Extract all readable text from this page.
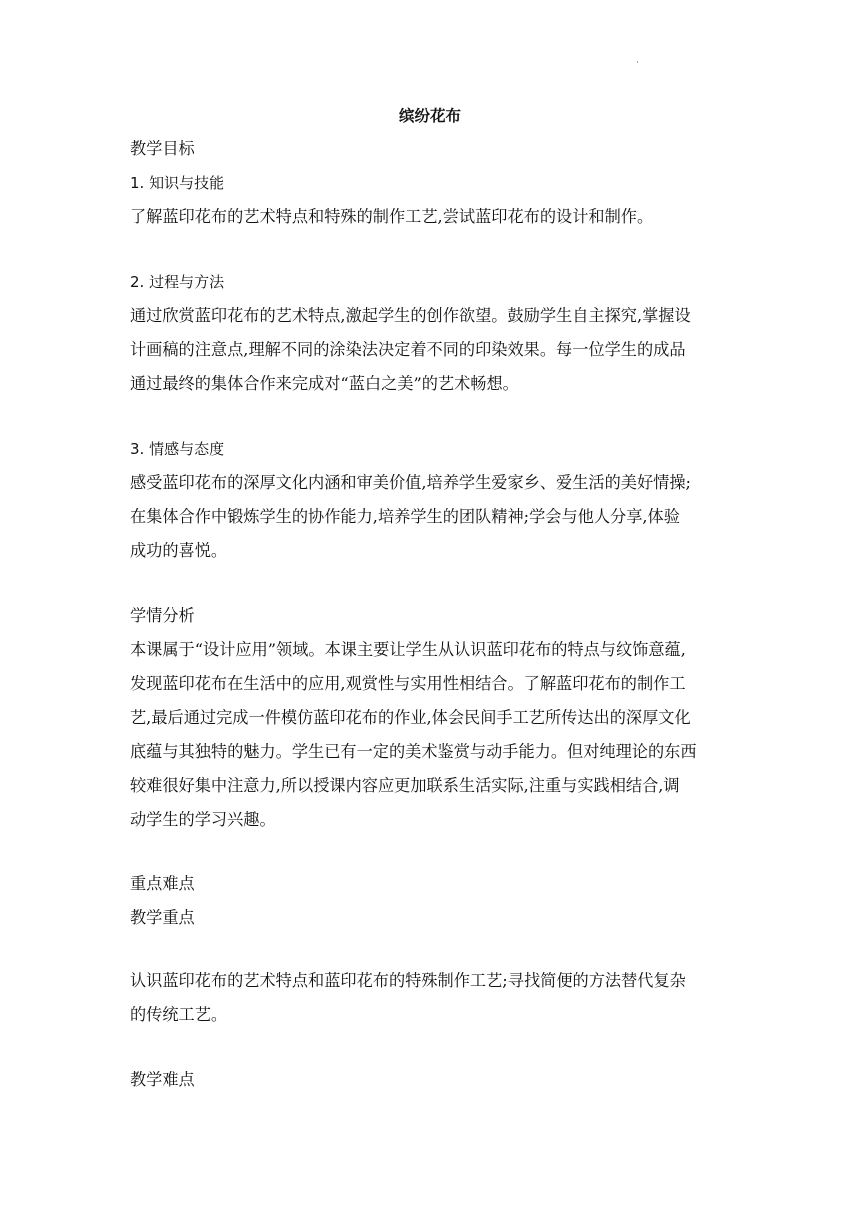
·
缤纷花布
教学目标
1. 知识与技能
了解蓝印花布的艺术特点和特殊的制作工艺,尝试蓝印花布的设计和制作。
2. 过程与方法
通过欣赏蓝印花布的艺术特点,激起学生的创作欲望。鼓励学生自主探究,掌握设
计画稿的注意点,理解不同的涂染法决定着不同的印染效果。每一位学生的成品
通过最终的集体合作来完成对“蓝白之美”的艺术畅想。
3. 情感与态度
感受蓝印花布的深厚文化内涵和审美价值,培养学生爱家乡、爱生活的美好情操;
在集体合作中锻炼学生的协作能力,培养学生的团队精神;学会与他人分享,体验
成功的喜悦。
学情分析
本课属于“设计应用”领域。本课主要让学生从认识蓝印花布的特点与纹饰意蕴,
发现蓝印花布在生活中的应用,观赏性与实用性相结合。了解蓝印花布的制作工
艺,最后通过完成一件模仿蓝印花布的作业,体会民间手工艺所传达出的深厚文化
底蕴与其独特的魅力。学生已有一定的美术鉴赏与动手能力。但对纯理论的东西
较难很好集中注意力,所以授课内容应更加联系生活实际,注重与实践相结合,调
动学生的学习兴趣。
重点难点
教学重点
认识蓝印花布的艺术特点和蓝印花布的特殊制作工艺;寻找简便的方法替代复杂
的传统工艺。
教学难点
